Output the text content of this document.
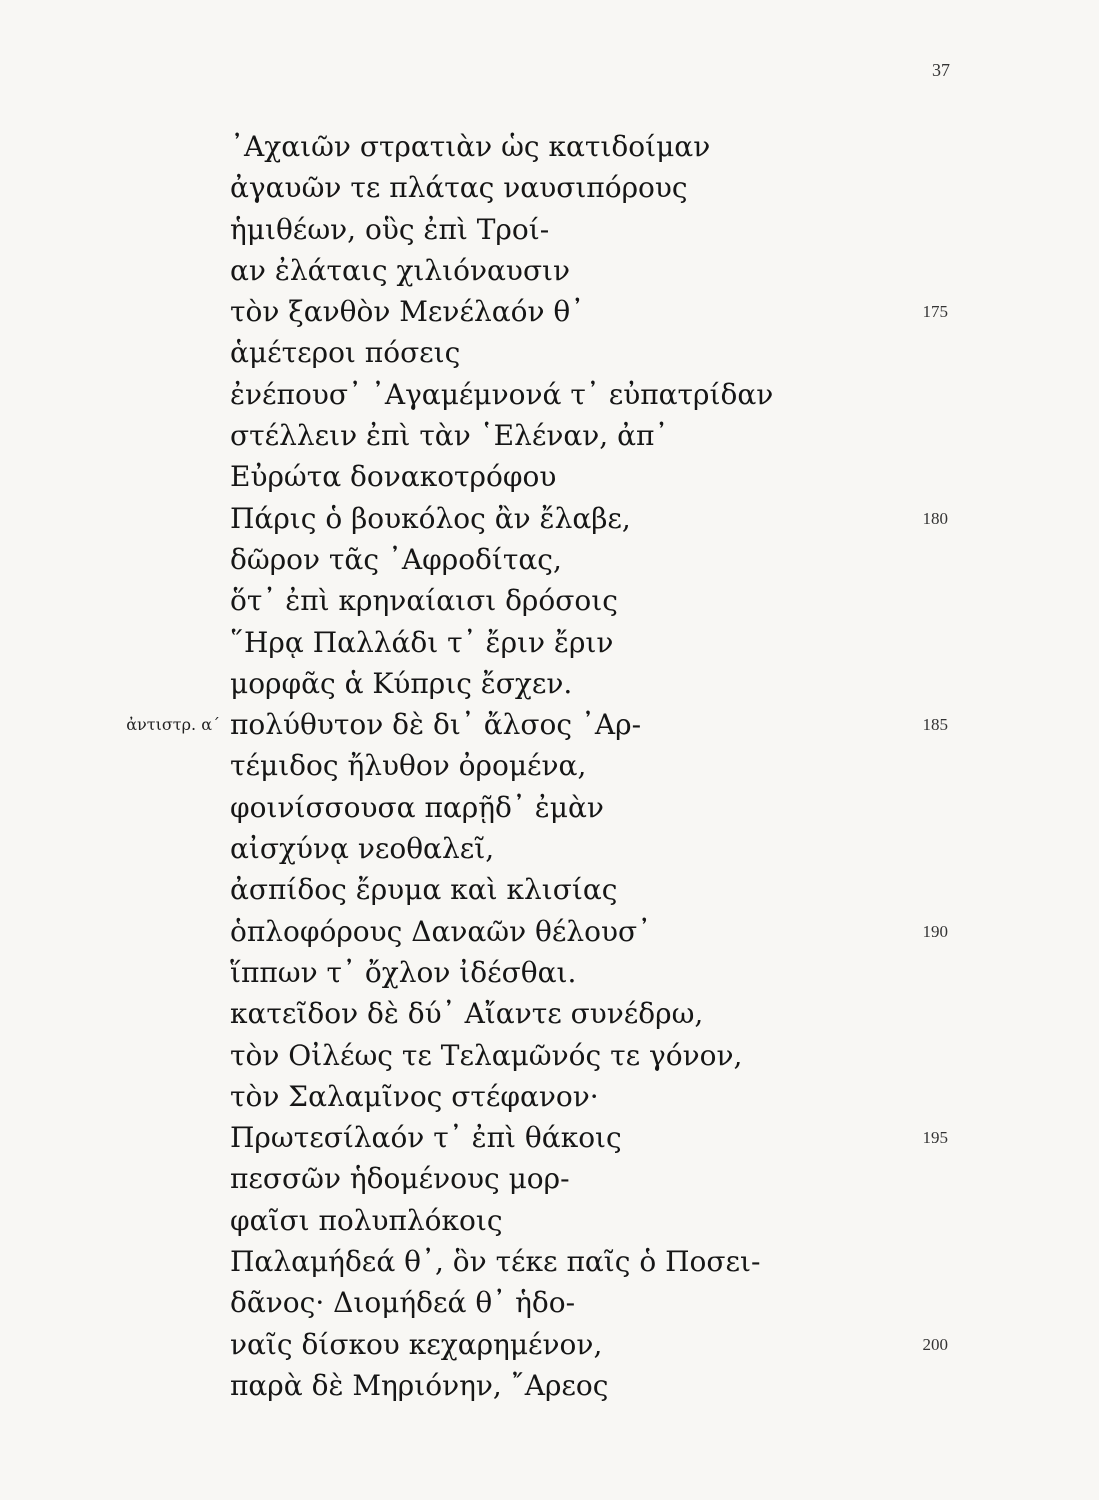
37
᾿Αχαιῶν στρατιὰν ὡς κατιδοίμαν
ἀγαυῶν τε πλάτας ναυσιπόρους
ἡμιθέων, οὓς ἐπὶ Τροί-
αν ἐλάταις χιλιόναυσιν
τὸν ξανθὸν Μενέλαόν θ᾿	175
ἁμέτεροι πόσεις
ἐνέπουσ᾿ ᾿Αγαμέμνονά τ᾿ εὐπατρίδαν
στέλλειν ἐπὶ τὰν ῾Ελέναν, ἀπ᾿
Εὐρώτα δονακοτρόφου
Πάρις ὁ βουκόλος ἂν ἔλαβε,	180
δῶρον τᾶς ᾿Αφροδίτας,
ὅτ᾿ ἐπὶ κρηναίαισι δρόσοις
῞Ηρᾳ Παλλάδι τ᾿ ἔριν ἔριν
μορφᾶς ἁ Κύπρις ἔσχεν.
ἀντιστρ. α´ πολύθυτον δὲ δι᾿ ἄλσος ᾿Αρ-	185
τέμιδος ἤλυθον ὀρομένα,
φοινίσσουσα παρῇδ᾿ ἐμὰν
αἰσχύνᾳ νεοθαλεῖ,
ἀσπίδος ἔρυμα καὶ κλισίας
ὁπλοφόρους Δαναῶν θέλουσ᾿	190
ἵππων τ᾿ ὄχλον ἰδέσθαι.
κατεῖδον δὲ δύ᾿ Αἴαντε συνέδρω,
τὸν Οἰλέως τε Τελαμῶνός τε γόνον,
τὸν Σαλαμῖνος στέφανον·
Πρωτεσίλαόν τ᾿ ἐπὶ θάκοις	195
πεσσῶν ἡδομένους μορ-
φαῖσι πολυπλόκοις
Παλαμήδεά θ᾿, ὃν τέκε παῖς ὁ Ποσει-
δᾶνος· Διομήδεά θ᾿ ἡδο-
ναῖς δίσκου κεχαρημένον,	200
παρὰ δὲ Μηριόνην, ῎Αρεος
